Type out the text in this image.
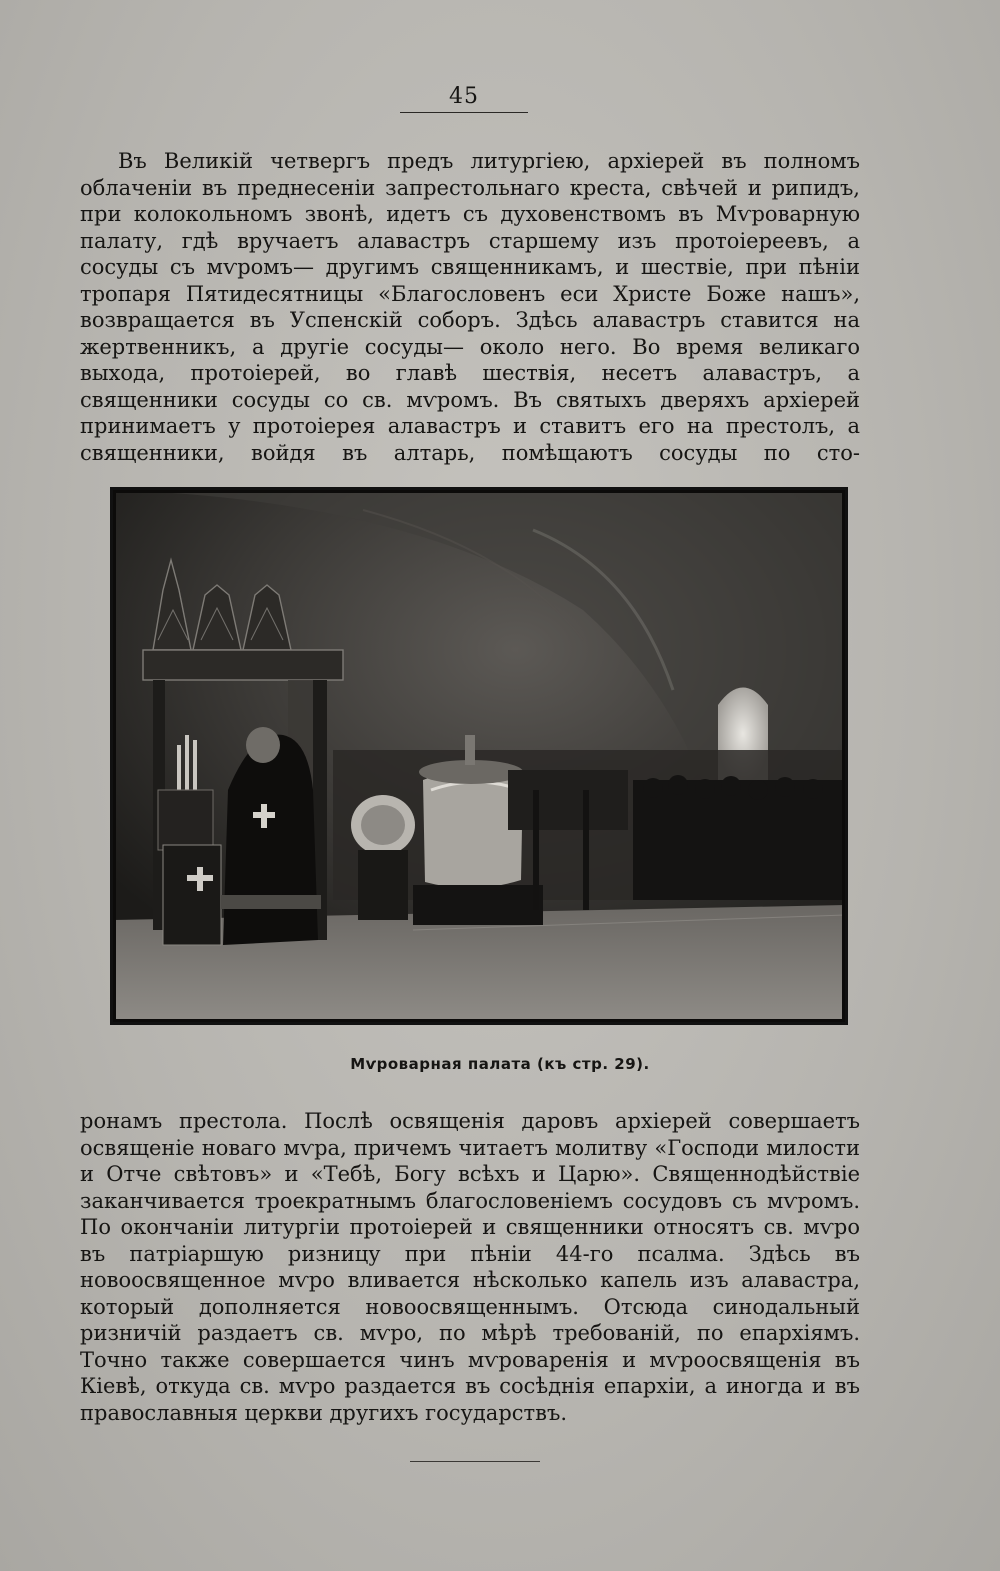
45

Въ Великій четвергъ предъ литургіею, архіерей въ полномъ облаченіи въ преднесеніи запрестольнаго креста, свѣчей и рипидъ, при колокольномъ звонѣ, идетъ съ духовенствомъ въ Мѵроварную палату, гдѣ вручаетъ алавастръ старшему изъ протоіереевъ, а сосуды съ мѵромъ— другимъ священникамъ, и шествіе, при пѣніи тропаря Пятидесятницы «Благословенъ еси Христе Боже нашъ», возвращается въ Успенскій соборъ. Здѣсь алавастръ ставится на жертвенникъ, а другіе сосуды— около него. Во время великаго выхода, протоіерей, во главѣ шествія, несетъ алавастръ, а священники сосуды со св. мѵромъ. Въ святыхъ дверяхъ архіерей принимаетъ у протоіерея алавастръ и ставитъ его на престолъ, а священники, войдя въ алтарь, помѣщаютъ сосуды по сто-

Мѵроварная палата (къ стр. 29).

ронамъ престола. Послѣ освященія даровъ архіерей совершаетъ освященіе новаго мѵра, причемъ читаетъ молитву «Господи милости и Отче свѣтовъ» и «Тебѣ, Богу всѣхъ и Царю». Священнодѣйствіе заканчивается троекратнымъ благословеніемъ сосудовъ съ мѵромъ. По окончаніи литургіи протоіерей и священники относятъ св. мѵро въ патріаршую ризницу при пѣніи 44-го псалма. Здѣсь въ новоосвященное мѵро вливается нѣсколько капель изъ алавастра, который дополняется новоосвященнымъ. Отсюда синодальный ризничій раздаетъ св. мѵро, по мѣрѣ требованій, по епархіямъ. Точно также совершается чинъ мѵроваренія и мѵроосвященія въ Кіевѣ, откуда св. мѵро раздается въ сосѣднія епархіи, а иногда и въ православныя церкви другихъ государствъ.
